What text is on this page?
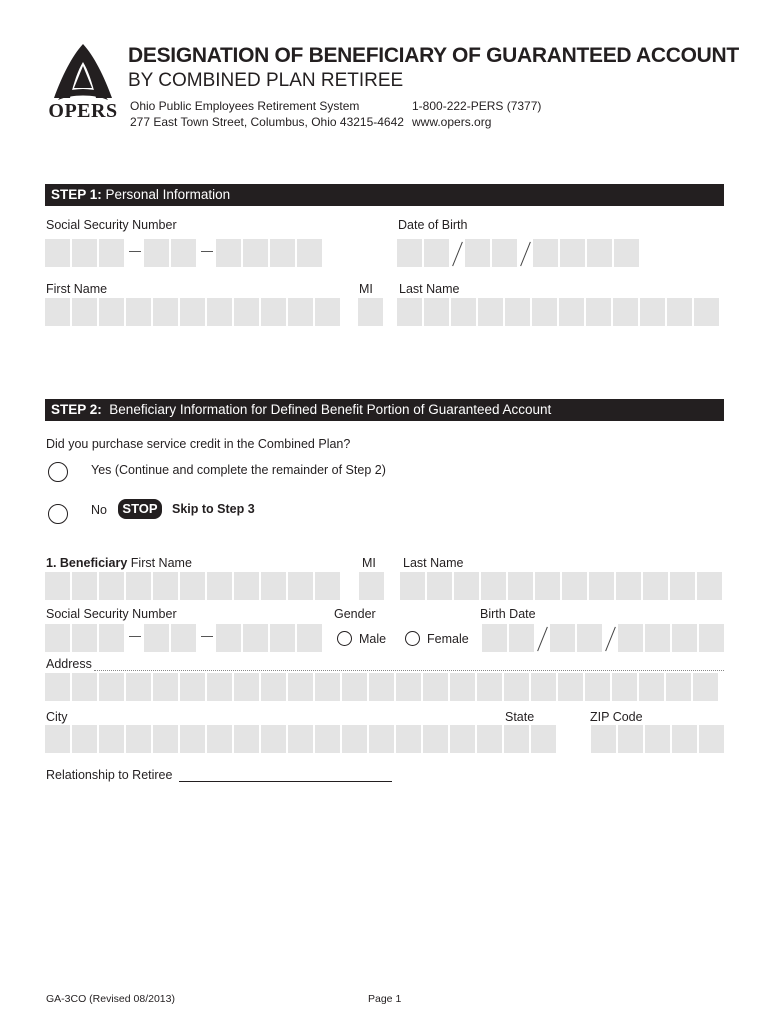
OPERS
DESIGNATION OF BENEFICIARY OF GUARANTEED ACCOUNT
BY COMBINED PLAN RETIREE
Ohio Public Employees Retirement System
277 East Town Street, Columbus, Ohio 43215-4642
1-800-222-PERS (7377)
www.opers.org
STEP 1: Personal Information
Social Security Number	Date of Birth
First Name	MI Last Name
STEP 2: Beneficiary Information for Defined Benefit Portion of Guaranteed Account
Did you purchase service credit in the Combined Plan?
Yes (Continue and complete the remainder of Step 2)
No	STOP	Skip to Step 3
1. Beneficiary First Name	MI Last Name
Social Security Number	Gender	Birth Date
Male	Female
Address
City	State	ZIP Code
Relationship to Retiree
GA-3CO (Revised 08/2013)	Page 1
